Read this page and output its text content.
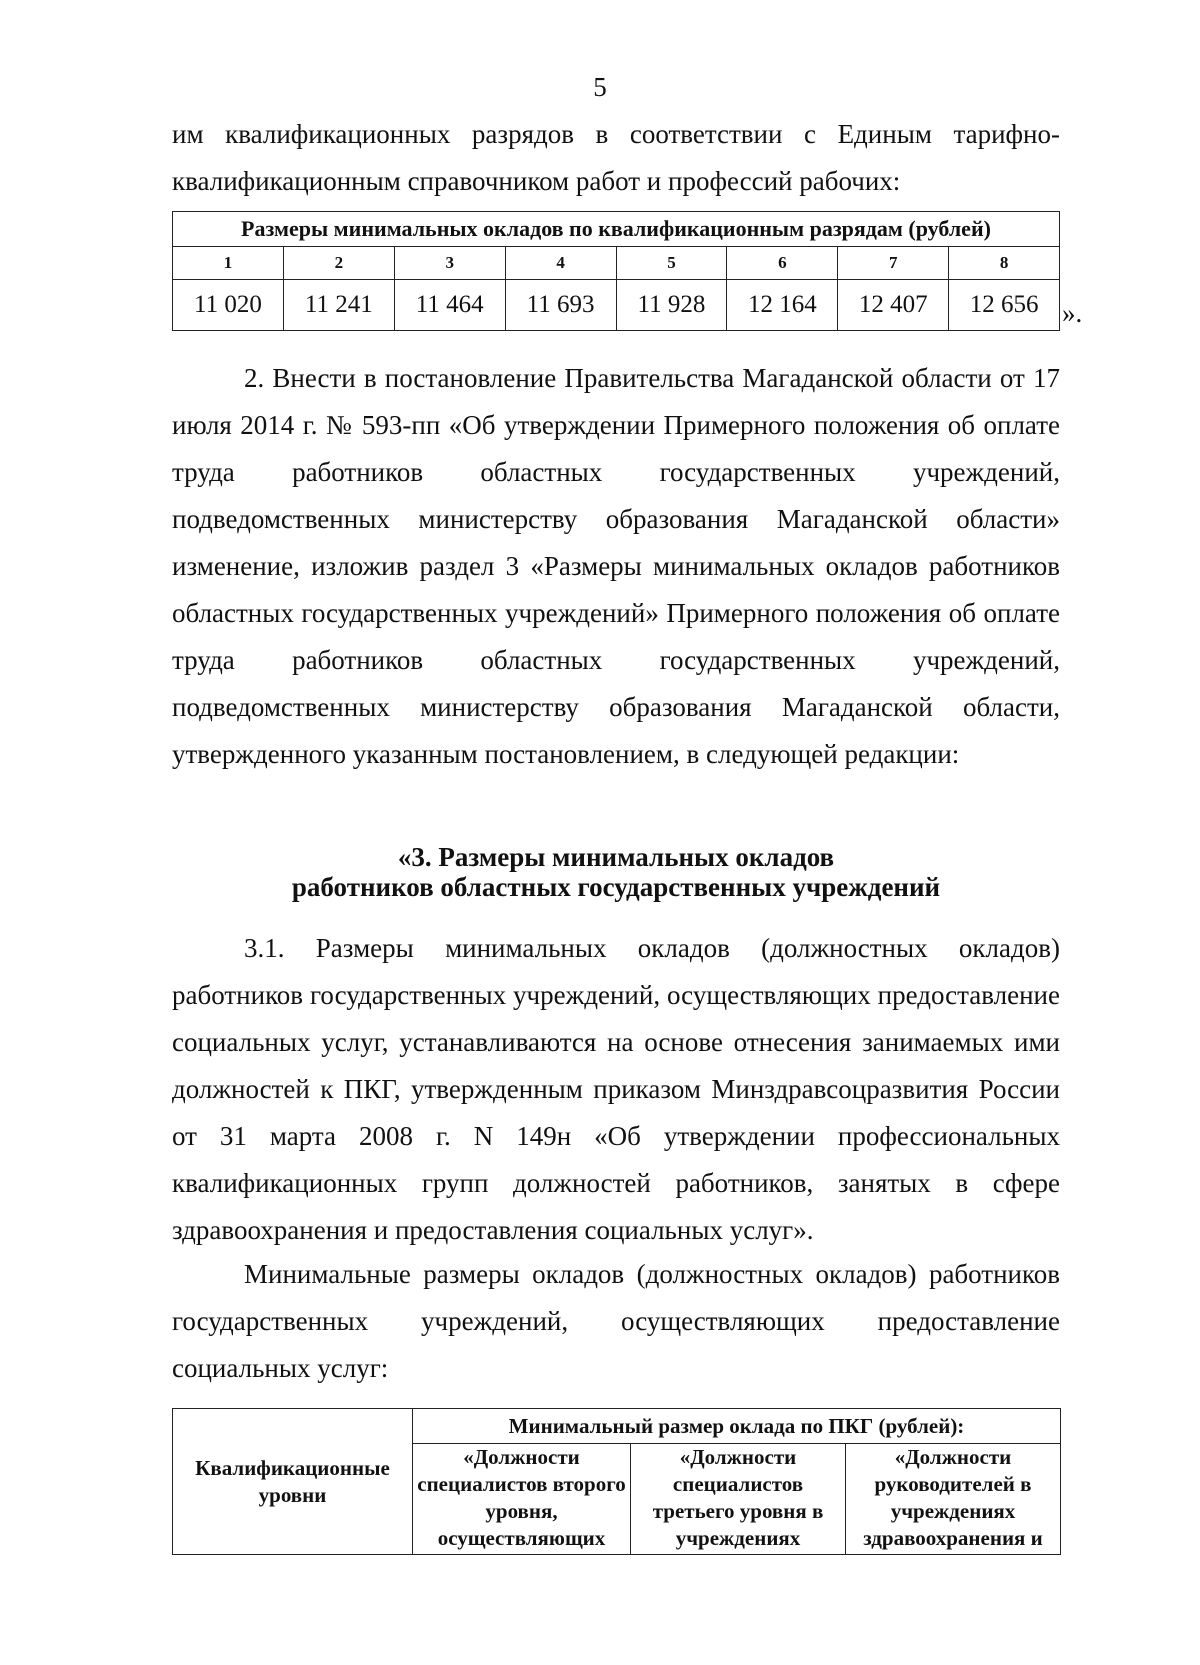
5

им квалификационных разрядов в соответствии с Единым тарифно-

квалификационным справочником работ и профессий рабочих:

Размеры минимальных окладов по квалификационным разрядам (рублей)							
1	2	3	4	5	6	7	8
11 020	11 241	11 464	11 693	11 928	12 164	12 407	12 656 ».

2. Внести в постановление Правительства Магаданской области от 17 июля 2014 г. № 593-пп «Об утверждении Примерного положения об оплате труда работников областных государственных учреждений, подведомственных министерству образования Магаданской области» изменение, изложив раздел 3 «Размеры минимальных окладов работников областных государственных учреждений» Примерного положения об оплате труда работников областных государственных учреждений, подведомственных министерству образования Магаданской области, утвержденного указанным постановлением, в следующей редакции:

«3. Размеры минимальных окладов
работников областных государственных учреждений

3.1. Размеры минимальных окладов (должностных окладов) работников государственных учреждений, осуществляющих предоставление социальных услуг, устанавливаются на основе отнесения занимаемых ими должностей к ПКГ, утвержденным приказом Минздравсоцразвития России от 31 марта 2008 г. N 149н «Об утверждении профессиональных квалификационных групп должностей работников, занятых в сфере здравоохранения и предоставления социальных услуг».

Минимальные размеры окладов (должностных окладов) работников государственных учреждений, осуществляющих предоставление социальных услуг:

Квалификационные уровни	Минимальный размер оклада по ПКГ (рублей):		
	«Должности специалистов второго уровня, осуществляющих	«Должности специалистов третьего уровня в учреждениях	«Должности руководителей в учреждениях здравоохранения и
